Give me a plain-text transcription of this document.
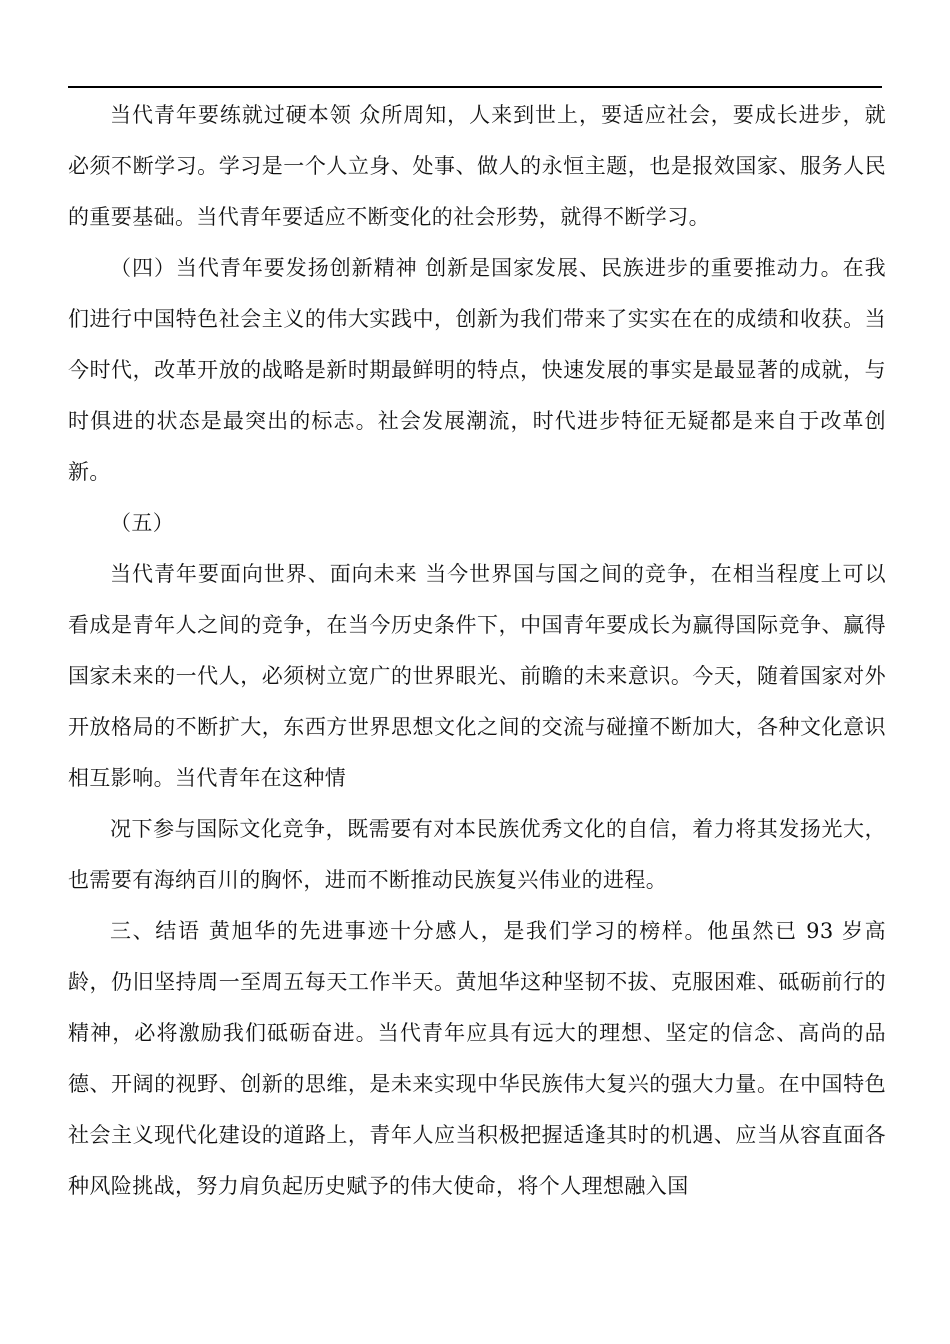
当代青年要练就过硬本领 众所周知，人来到世上，要适应社会，要成长进步，就必须不断学习。学习是一个人立身、处事、做人的永恒主题，也是报效国家、服务人民的重要基础。当代青年要适应不断变化的社会形势，就得不断学习。

（四）当代青年要发扬创新精神 创新是国家发展、民族进步的重要推动力。在我们进行中国特色社会主义的伟大实践中，创新为我们带来了实实在在的成绩和收获。当今时代，改革开放的战略是新时期最鲜明的特点，快速发展的事实是最显著的成就，与时俱进的状态是最突出的标志。社会发展潮流，时代进步特征无疑都是来自于改革创新。

（五）

当代青年要面向世界、面向未来 当今世界国与国之间的竞争，在相当程度上可以看成是青年人之间的竞争，在当今历史条件下，中国青年要成长为赢得国际竞争、赢得国家未来的一代人，必须树立宽广的世界眼光、前瞻的未来意识。今天，随着国家对外开放格局的不断扩大，东西方世界思想文化之间的交流与碰撞不断加大，各种文化意识相互影响。当代青年在这种情

况下参与国际文化竞争，既需要有对本民族优秀文化的自信，着力将其发扬光大，也需要有海纳百川的胸怀，进而不断推动民族复兴伟业的进程。

三、结语 黄旭华的先进事迹十分感人，是我们学习的榜样。他虽然已 93 岁高龄，仍旧坚持周一至周五每天工作半天。黄旭华这种坚韧不拔、克服困难、砥砺前行的精神，必将激励我们砥砺奋进。当代青年应具有远大的理想、坚定的信念、高尚的品德、开阔的视野、创新的思维，是未来实现中华民族伟大复兴的强大力量。在中国特色社会主义现代化建设的道路上，青年人应当积极把握适逢其时的机遇、应当从容直面各种风险挑战，努力肩负起历史赋予的伟大使命，将个人理想融入国
